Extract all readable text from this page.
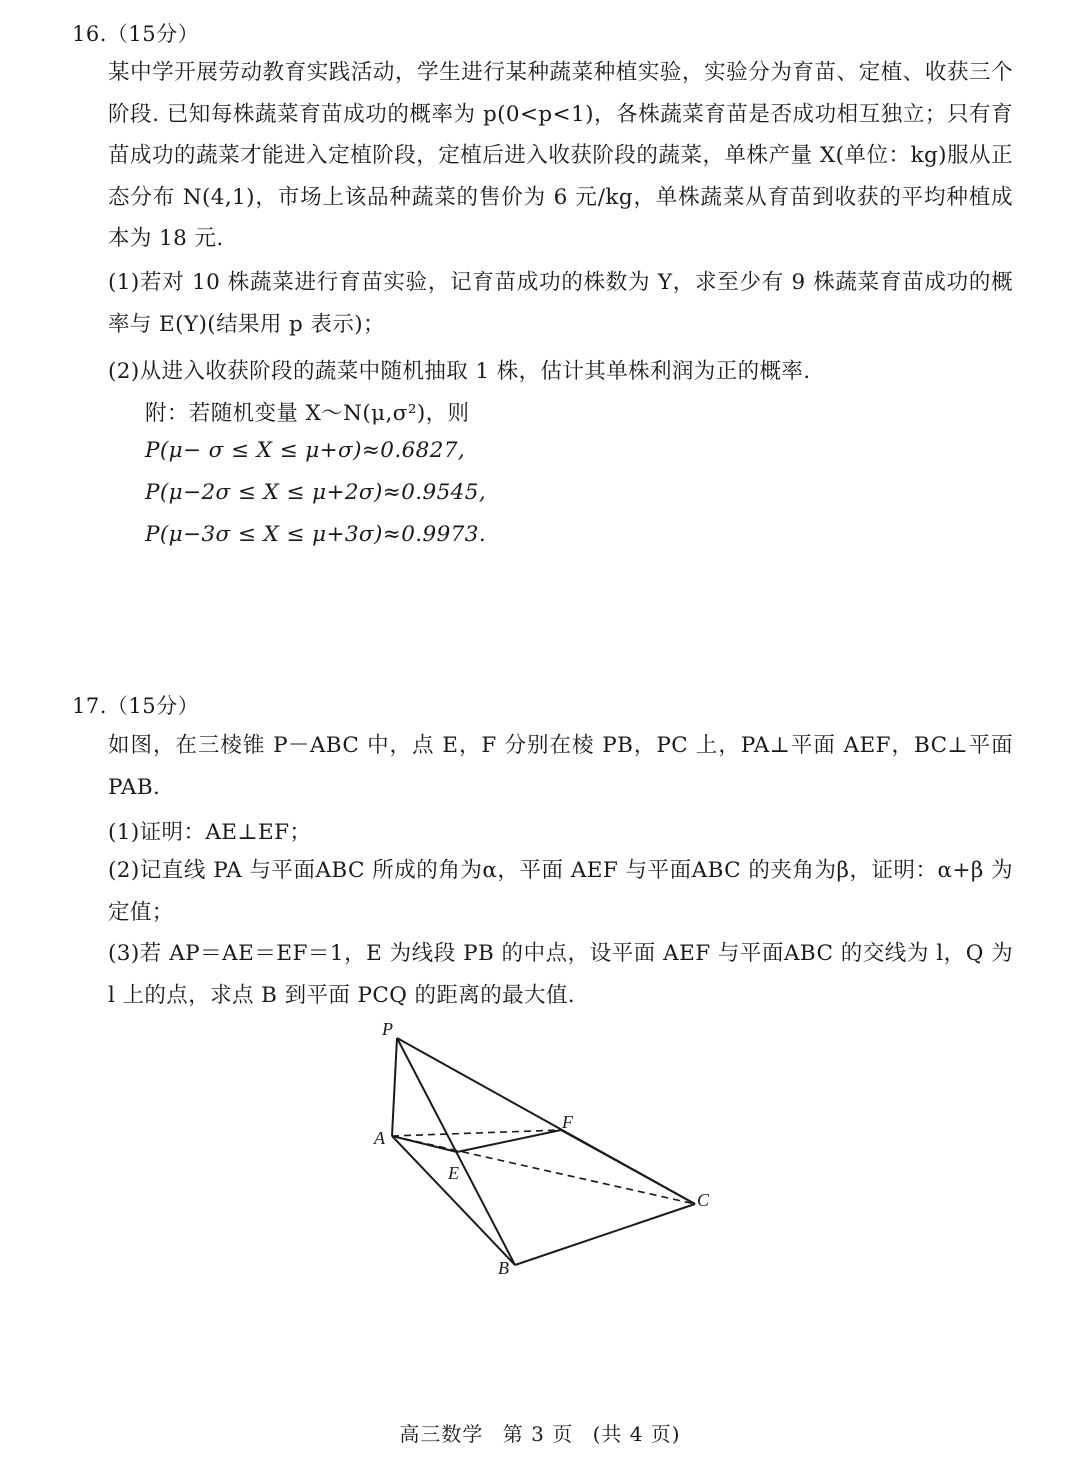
16.（15分）
某中学开展劳动教育实践活动，学生进行某种蔬菜种植实验，实验分为育苗、定植、收获三个阶段. 已知每株蔬菜育苗成功的概率为 p(0<p<1)，各株蔬菜育苗是否成功相互独立；只有育苗成功的蔬菜才能进入定植阶段，定植后进入收获阶段的蔬菜，单株产量 X(单位：kg)服从正态分布 N(4,1)，市场上该品种蔬菜的售价为 6 元/kg，单株蔬菜从育苗到收获的平均种植成本为 18 元.
(1)若对 10 株蔬菜进行育苗实验，记育苗成功的株数为 Y，求至少有 9 株蔬菜育苗成功的概率与 E(Y)(结果用 p 表示)；
(2)从进入收获阶段的蔬菜中随机抽取 1 株，估计其单株利润为正的概率.
附：若随机变量 X～N(μ,σ²)，则
P(μ− σ ≤ X ≤ μ+σ)≈0.6827,
P(μ−2σ ≤ X ≤ μ+2σ)≈0.9545,
P(μ−3σ ≤ X ≤ μ+3σ)≈0.9973.
17.（15分）
如图，在三棱锥 P－ABC 中，点 E，F 分别在棱 PB，PC 上，PA⊥平面 AEF，BC⊥平面 PAB.
(1)证明：AE⊥EF；
(2)记直线 PA 与平面ABC 所成的角为α，平面 AEF 与平面ABC 的夹角为β，证明：α+β 为定值；
(3)若 AP＝AE＝EF＝1，E 为线段 PB 的中点，设平面 AEF 与平面ABC 的交线为 l，Q 为 l 上的点，求点 B 到平面 PCQ 的距离的最大值.
P
A
F
E
C
B
高三数学 第 3 页 (共 4 页)
